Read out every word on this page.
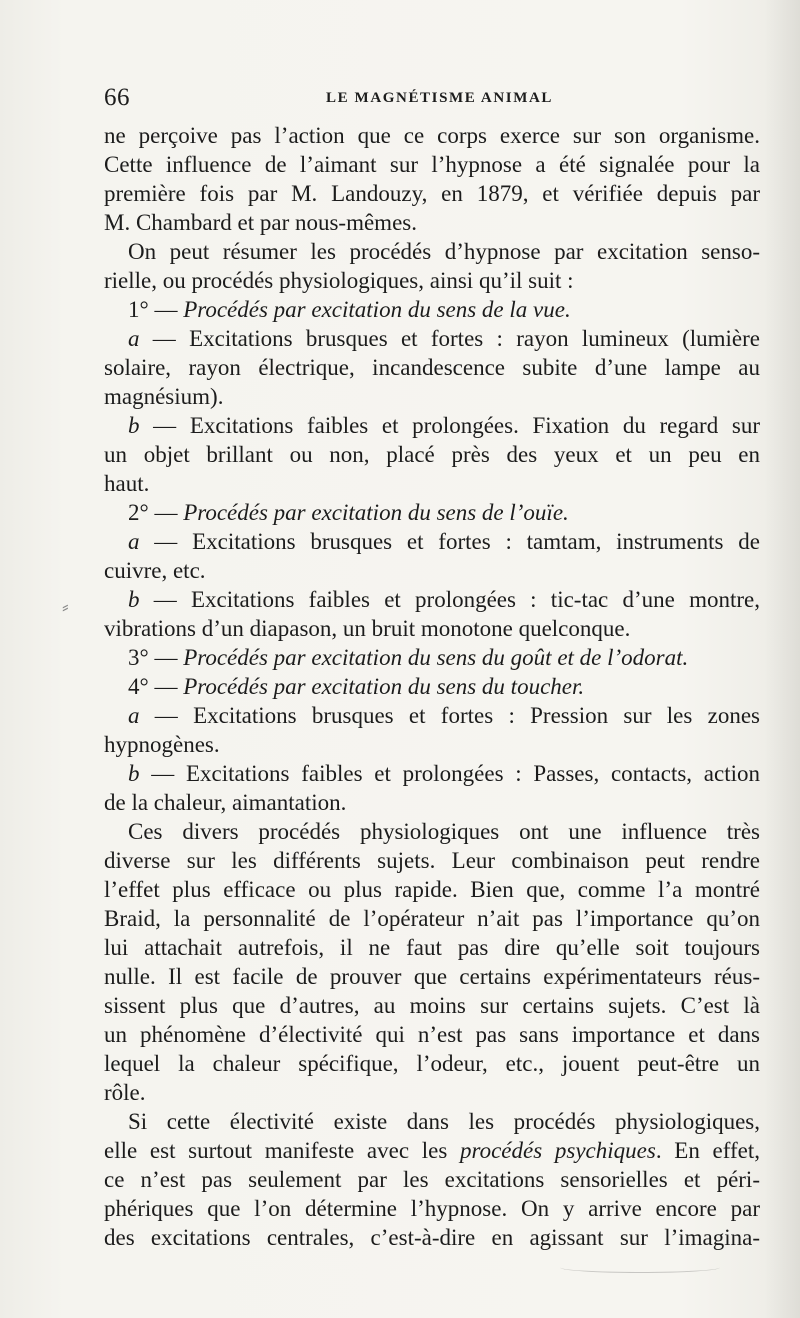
66	LE MAGNÉTISME ANIMAL
⸗
ne perçoive pas l’action que ce corps exerce sur son organisme.
Cette influence de l’aimant sur l’hypnose a été signalée pour la
première fois par M. Landouzy, en 1879, et vérifiée depuis par
M. Chambard et par nous-mêmes.
On peut résumer les procédés d’hypnose par excitation senso-
rielle, ou procédés physiologiques, ainsi qu’il suit :
1° — Procédés par excitation du sens de la vue.
a — Excitations brusques et fortes : rayon lumineux (lumière
solaire, rayon électrique, incandescence subite d’une lampe au
magnésium).
b — Excitations faibles et prolongées. Fixation du regard sur
un objet brillant ou non, placé près des yeux et un peu en
haut.
2° — Procédés par excitation du sens de l’ouïe.
a — Excitations brusques et fortes : tamtam, instruments de
cuivre, etc.
b — Excitations faibles et prolongées : tic-tac d’une montre,
vibrations d’un diapason, un bruit monotone quelconque.
3° — Procédés par excitation du sens du goût et de l’odorat.
4° — Procédés par excitation du sens du toucher.
a — Excitations brusques et fortes : Pression sur les zones
hypnogènes.
b — Excitations faibles et prolongées : Passes, contacts, action
de la chaleur, aimantation.
Ces divers procédés physiologiques ont une influence très
diverse sur les différents sujets. Leur combinaison peut rendre
l’effet plus efficace ou plus rapide. Bien que, comme l’a montré
Braid, la personnalité de l’opérateur n’ait pas l’importance qu’on
lui attachait autrefois, il ne faut pas dire qu’elle soit toujours
nulle. Il est facile de prouver que certains expérimentateurs réus-
sissent plus que d’autres, au moins sur certains sujets. C’est là
un phénomène d’électivité qui n’est pas sans importance et dans
lequel la chaleur spécifique, l’odeur, etc., jouent peut-être un
rôle.
Si cette électivité existe dans les procédés physiologiques,
elle est surtout manifeste avec les procédés psychiques. En effet,
ce n’est pas seulement par les excitations sensorielles et péri-
phériques que l’on détermine l’hypnose. On y arrive encore par
des excitations centrales, c’est-à-dire en agissant sur l’imagina-
